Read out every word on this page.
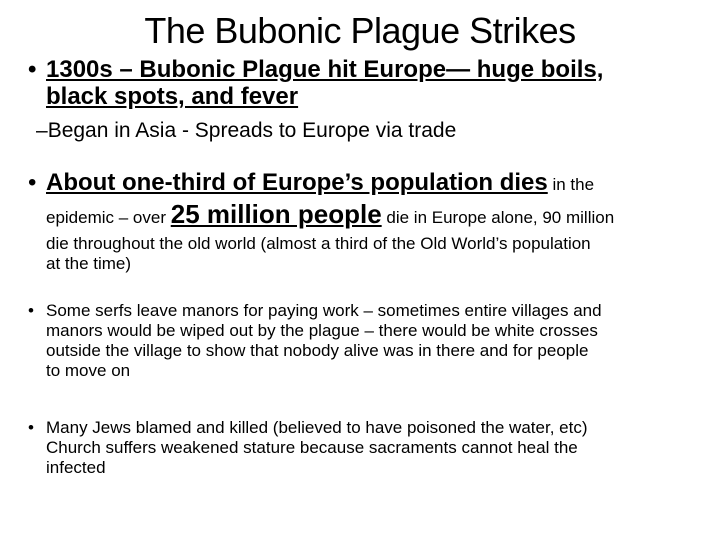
The Bubonic Plague Strikes
• 1300s – Bubonic Plague hit Europe— huge boils,
black spots, and fever
–Began in Asia - Spreads to Europe via trade
• About one-third of Europe’s population dies in the
epidemic – over 25 million people die in Europe alone, 90 million
die throughout the old world (almost a third of the Old World’s population
at the time)
• Some serfs leave manors for paying work – sometimes entire villages and
manors would be wiped out by the plague – there would be white crosses
outside the village to show that nobody alive was in there and for people
to move on
• Many Jews blamed and killed (believed to have poisoned the water, etc)
Church suffers weakened stature because sacraments cannot heal the
infected
